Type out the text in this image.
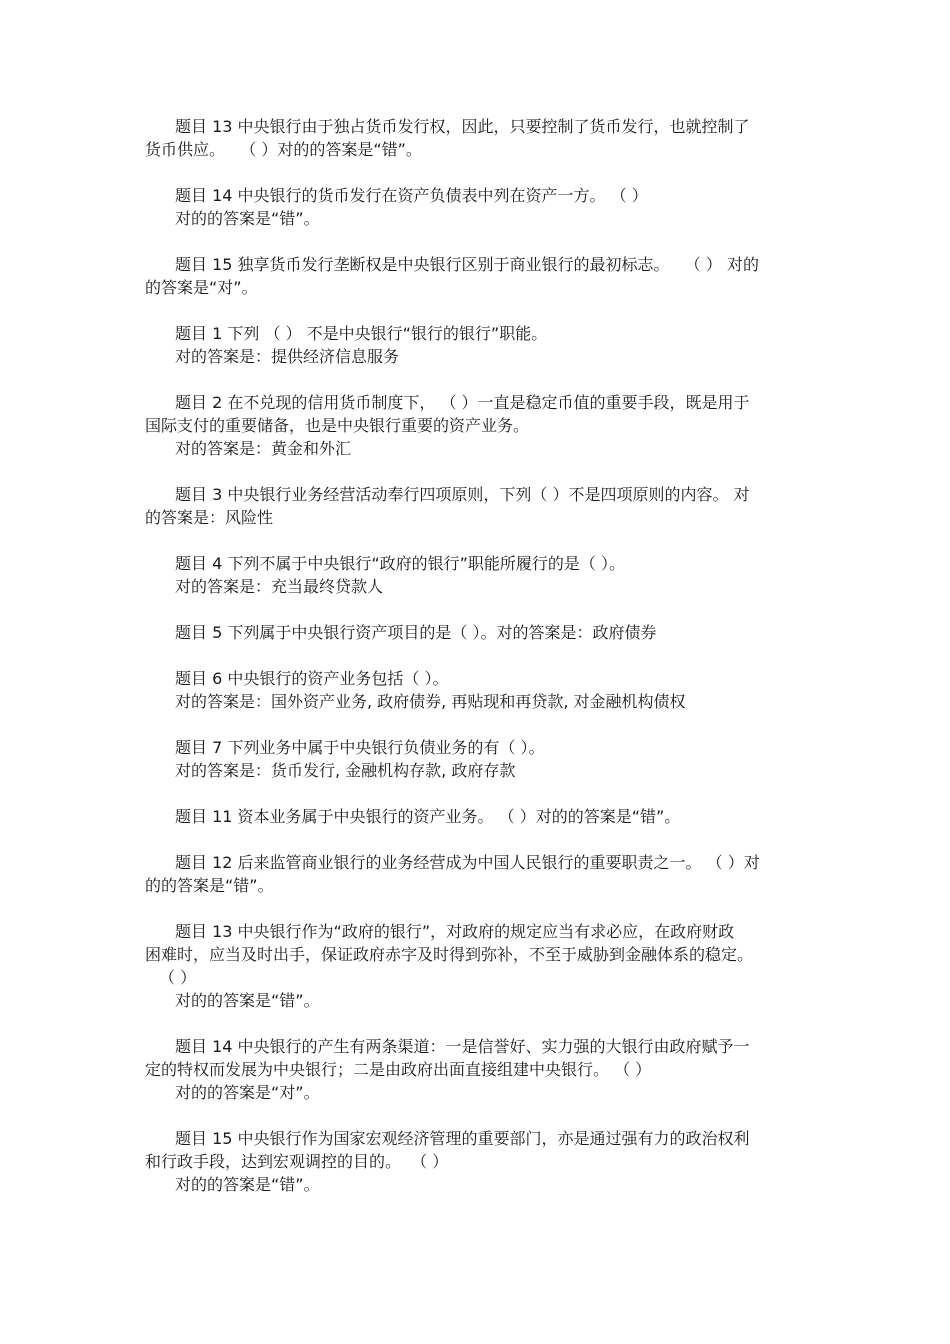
题目 13 中央银行由于独占货币发行权，因此，只要控制了货币发行，也就控制了
货币供应。   （ ）对的的答案是“错”。
题目 14 中央银行的货币发行在资产负债表中列在资产一方。 （ ）
对的的答案是“错”。
题目 15 独享货币发行垄断权是中央银行区别于商业银行的最初标志。   （ ） 对的
的答案是“对”。
题目 1 下列 （ ） 不是中央银行“银行的银行”职能。
对的答案是：提供经济信息服务
题目 2 在不兑现的信用货币制度下， （ ）一直是稳定币值的重要手段，既是用于
国际支付的重要储备，也是中央银行重要的资产业务。
对的答案是：黄金和外汇
题目 3 中央银行业务经营活动奉行四项原则，下列（ ）不是四项原则的内容。 对
的答案是：风险性
题目 4 下列不属于中央银行“政府的银行”职能所履行的是（ ）。
对的答案是：充当最终贷款人
题目 5 下列属于中央银行资产项目的是（ ）。对的答案是：政府债券
题目 6 中央银行的资产业务包括（ ）。
对的答案是：国外资产业务, 政府债券, 再贴现和再贷款, 对金融机构债权
题目 7 下列业务中属于中央银行负债业务的有（ ）。
对的答案是：货币发行, 金融机构存款, 政府存款
题目 11 资本业务属于中央银行的资产业务。 （ ）对的的答案是“错”。
题目 12 后来监管商业银行的业务经营成为中国人民银行的重要职责之一。 （ ）对
的的答案是“错”。
题目 13 中央银行作为“政府的银行”，对政府的规定应当有求必应，在政府财政
困难时，应当及时出手，保证政府赤字及时得到弥补，不至于威胁到金融体系的稳定。
（ ）
对的的答案是“错”。
题目 14 中央银行的产生有两条渠道：一是信誉好、实力强的大银行由政府赋予一
定的特权而发展为中央银行；二是由政府出面直接组建中央银行。 （ ）
对的的答案是“对”。
题目 15 中央银行作为国家宏观经济管理的重要部门，亦是通过强有力的政治权利
和行政手段，达到宏观调控的目的。  （ ）
对的的答案是“错”。
